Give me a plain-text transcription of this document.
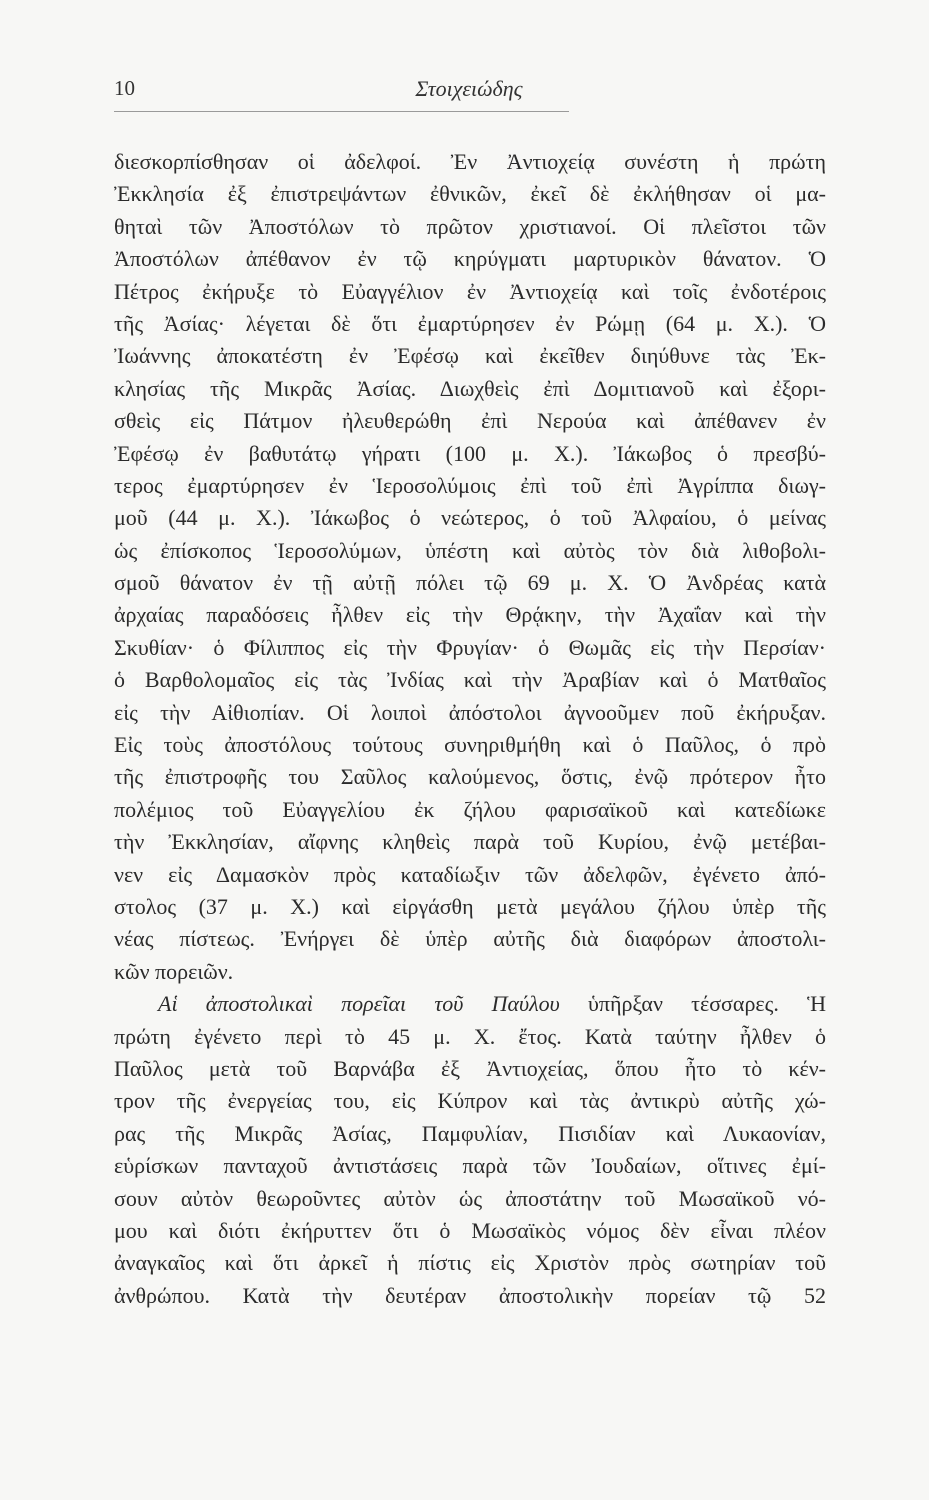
10	Στοιχειώδης
διεσκορπίσθησαν οἱ ἀδελφοί. Ἐν Ἀντιοχείᾳ συνέστη ἡ πρώτη
Ἐκκλησία ἐξ ἐπιστρεψάντων ἐθνικῶν, ἐκεῖ δὲ ἐκλήθησαν οἱ μα-
θηταὶ τῶν Ἀποστόλων τὸ πρῶτον χριστιανοί. Οἱ πλεῖστοι τῶν
Ἀποστόλων ἀπέθανον ἐν τῷ κηρύγματι μαρτυρικὸν θάνατον. Ὁ
Πέτρος ἐκήρυξε τὸ Εὐαγγέλιον ἐν Ἀντιοχείᾳ καὶ τοῖς ἐνδοτέροις
τῆς Ἀσίας· λέγεται δὲ ὅτι ἐμαρτύρησεν ἐν Ρώμῃ (64 μ. Χ.). Ὁ
Ἰωάννης ἀποκατέστη ἐν Ἐφέσῳ καὶ ἐκεῖθεν διηύθυνε τὰς Ἐκ-
κλησίας τῆς Μικρᾶς Ἀσίας. Διωχθεὶς ἐπὶ Δομιτιανοῦ καὶ ἐξορι-
σθεὶς εἰς Πάτμον ἠλευθερώθη ἐπὶ Νερούα καὶ ἀπέθανεν ἐν
Ἐφέσῳ ἐν βαθυτάτῳ γήρατι (100 μ. Χ.). Ἰάκωβος ὁ πρεσβύ-
τερος ἐμαρτύρησεν ἐν Ἱεροσολύμοις ἐπὶ τοῦ ἐπὶ Ἀγρίππα διωγ-
μοῦ (44 μ. Χ.). Ἰάκωβος ὁ νεώτερος, ὁ τοῦ Ἀλφαίου, ὁ μείνας
ὡς ἐπίσκοπος Ἱεροσολύμων, ὑπέστη καὶ αὐτὸς τὸν διὰ λιθοβολι-
σμοῦ θάνατον ἐν τῇ αὐτῇ πόλει τῷ 69 μ. Χ. Ὁ Ἀνδρέας κατὰ
ἀρχαίας παραδόσεις ἦλθεν εἰς τὴν Θρᾴκην, τὴν Ἀχαΐαν καὶ τὴν
Σκυθίαν· ὁ Φίλιππος εἰς τὴν Φρυγίαν· ὁ Θωμᾶς εἰς τὴν Περσίαν·
ὁ Βαρθολομαῖος εἰς τὰς Ἰνδίας καὶ τὴν Ἀραβίαν καὶ ὁ Ματθαῖος
εἰς τὴν Αἰθιοπίαν. Οἱ λοιποὶ ἀπόστολοι ἀγνοοῦμεν ποῦ ἐκήρυξαν.
Εἰς τοὺς ἀποστόλους τούτους συνηριθμήθη καὶ ὁ Παῦλος, ὁ πρὸ
τῆς ἐπιστροφῆς του Σαῦλος καλούμενος, ὅστις, ἐνῷ πρότερον ἦτο
πολέμιος τοῦ Εὐαγγελίου ἐκ ζήλου φαρισαϊκοῦ καὶ κατεδίωκε
τὴν Ἐκκλησίαν, αἴφνης κληθεὶς παρὰ τοῦ Κυρίου, ἐνῷ μετέβαι-
νεν εἰς Δαμασκὸν πρὸς καταδίωξιν τῶν ἀδελφῶν, ἐγένετο ἀπό-
στολος (37 μ. Χ.) καὶ εἰργάσθη μετὰ μεγάλου ζήλου ὑπὲρ τῆς
νέας πίστεως. Ἐνήργει δὲ ὑπὲρ αὐτῆς διὰ διαφόρων ἀποστολι-
κῶν πορειῶν.
Αἱ ἀποστολικαὶ πορεῖαι τοῦ Παύλου ὑπῆρξαν τέσσαρες. Ἡ
πρώτη ἐγένετο περὶ τὸ 45 μ. Χ. ἔτος. Κατὰ ταύτην ἦλθεν ὁ
Παῦλος μετὰ τοῦ Βαρνάβα ἐξ Ἀντιοχείας, ὅπου ἦτο τὸ κέν-
τρον τῆς ἐνεργείας του, εἰς Κύπρον καὶ τὰς ἀντικρὺ αὐτῆς χώ-
ρας τῆς Μικρᾶς Ἀσίας, Παμφυλίαν, Πισιδίαν καὶ Λυκαονίαν,
εὑρίσκων πανταχοῦ ἀντιστάσεις παρὰ τῶν Ἰουδαίων, οἵτινες ἐμί-
σουν αὐτὸν θεωροῦντες αὐτὸν ὡς ἀποστάτην τοῦ Μωσαϊκοῦ νό-
μου καὶ διότι ἐκήρυττεν ὅτι ὁ Μωσαϊκὸς νόμος δὲν εἶναι πλέον
ἀναγκαῖος καὶ ὅτι ἀρκεῖ ἡ πίστις εἰς Χριστὸν πρὸς σωτηρίαν τοῦ
ἀνθρώπου. Κατὰ τὴν δευτέραν ἀποστολικὴν πορείαν τῷ 52
